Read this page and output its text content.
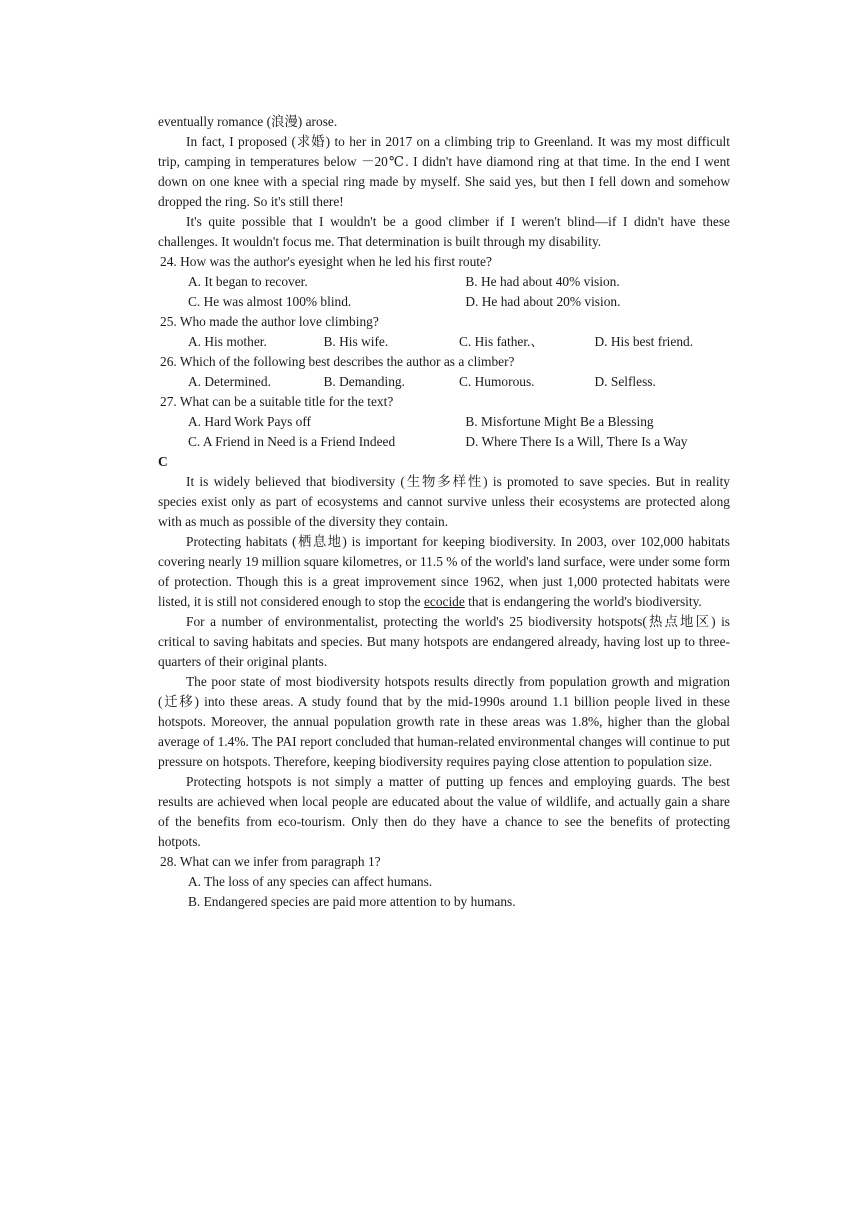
eventually romance (浪漫) arose.

In fact, I proposed (求婚) to her in 2017 on a climbing trip to Greenland. It was my most difficult trip, camping in temperatures below －20℃. I didn't have diamond ring at that time. In the end I went down on one knee with a special ring made by myself. She said yes, but then I fell down and somehow dropped the ring. So it's still there!

It's quite possible that I wouldn't be a good climber if I weren't blind—if I didn't have these challenges. It wouldn't focus me. That determination is built through my disability.

24. How was the author's eyesight when he led his first route?

A. It began to recover.	B. He had about 40% vision.
C. He was almost 100% blind.	D. He had about 20% vision.

25. Who made the author love climbing?

A. His mother.	B. His wife.	C. His father.、	D. His best friend.

26. Which of the following best describes the author as a climber?

A. Determined.	B. Demanding.	C. Humorous.	D. Selfless.

27. What can be a suitable title for the text?

A. Hard Work Pays off	B. Misfortune Might Be a Blessing
C. A Friend in Need is a Friend Indeed	D. Where There Is a Will, There Is a Way

C

It is widely believed that biodiversity (生物多样性) is promoted to save species. But in reality species exist only as part of ecosystems and cannot survive unless their ecosystems are protected along with as much as possible of the diversity they contain.

Protecting habitats (栖息地) is important for keeping biodiversity. In 2003, over 102,000 habitats covering nearly 19 million square kilometres, or 11.5 % of the world's land surface, were under some form of protection. Though this is a great improvement since 1962, when just 1,000 protected habitats were listed, it is still not considered enough to stop the ecocide that is endangering the world's biodiversity.

For a number of environmentalist, protecting the world's 25 biodiversity hotspots(热点地区) is critical to saving habitats and species. But many hotspots are endangered already, having lost up to three-quarters of their original plants.

The poor state of most biodiversity hotspots results directly from population growth and migration (迁移) into these areas. A study found that by the mid-1990s around 1.1 billion people lived in these hotspots. Moreover, the annual population growth rate in these areas was 1.8%, higher than the global average of 1.4%. The PAI report concluded that human-related environmental changes will continue to put pressure on hotspots. Therefore, keeping biodiversity requires paying close attention to population size.

Protecting hotspots is not simply a matter of putting up fences and employing guards. The best results are achieved when local people are educated about the value of wildlife, and actually gain a share of the benefits from eco-tourism. Only then do they have a chance to see the benefits of protecting hotpots.

28. What can we infer from paragraph 1?

A. The loss of any species can affect humans.

B. Endangered species are paid more attention to by humans.
